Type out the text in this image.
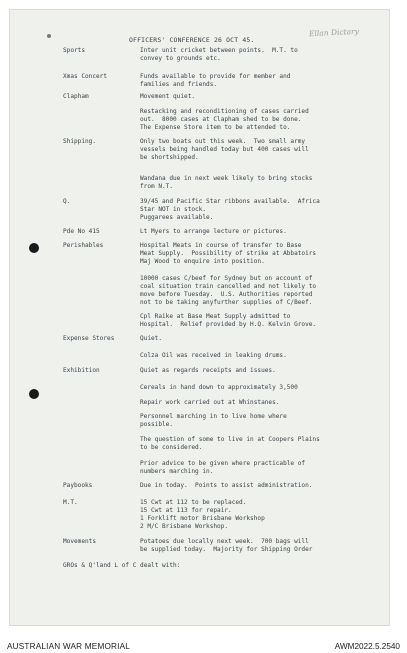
OFFICERS' CONFERENCE 26 OCT 45.
Ellan Dictary
Sports	Inter unit cricket between points.  M.T. to
convey to grounds etc.
Xmas Concert	Funds available to provide for member and
families and friends.
Clapham	Movement quiet.
Restacking and reconditioning of cases carried
out.  8000 cases at Clapham shed to be done.
The Expense Store item to be attended to.
Shipping.	Only two boats out this week.  Two small army
vessels being handled today but 400 cases will
be shortshipped.
Wandana due in next week likely to bring stocks
from N.T.
Q.	39/45 and Pacific Star ribbons available.  Africa
Star NOT in stock.
Puggarees available.
Pde No 415	Lt Myers to arrange lecture or pictures.
Perishables	Hospital Meats in course of transfer to Base
Meat Supply.  Possibility of strike at Abbatoirs
Maj Wood to enquire into position.
10000 cases C/beef for Sydney but on account of
coal situation train cancelled and not likely to
move before Tuesday.  U.S. Authorities reported
not to be taking anyfurther supplies of C/Beef.
Cpl Raike at Base Meat Supply admitted to
Hospital.  Relief provided by H.Q. Kelvin Grove.
Expense Stores	Quiet.
Colza Oil was received in leaking drums.
Exhibition	Quiet as regards receipts and issues.
Cereals in hand down to approximately 3,500
Repair work carried out at Whinstanes.
Personnel marching in to live home where
possible.
The question of some to live in at Coopers Plains
to be considered.
Prior advice to be given where practicable of
numbers marching in.
Paybooks	Due in today.  Points to assist administration.
M.T.	15 Cwt at 112 to be replaced.
15 Cwt at 113 for repair.
1 Forklift motor Brisbane Workshop
2 M/C Brisbane Workshop.
Movements	Potatoes due locally next week.  700 bags will
be supplied today.  Majority for Shipping Order
GROs & Q'land L of C dealt with:
AUSTRALIAN WAR MEMORIAL	AWM2022.5.2540
